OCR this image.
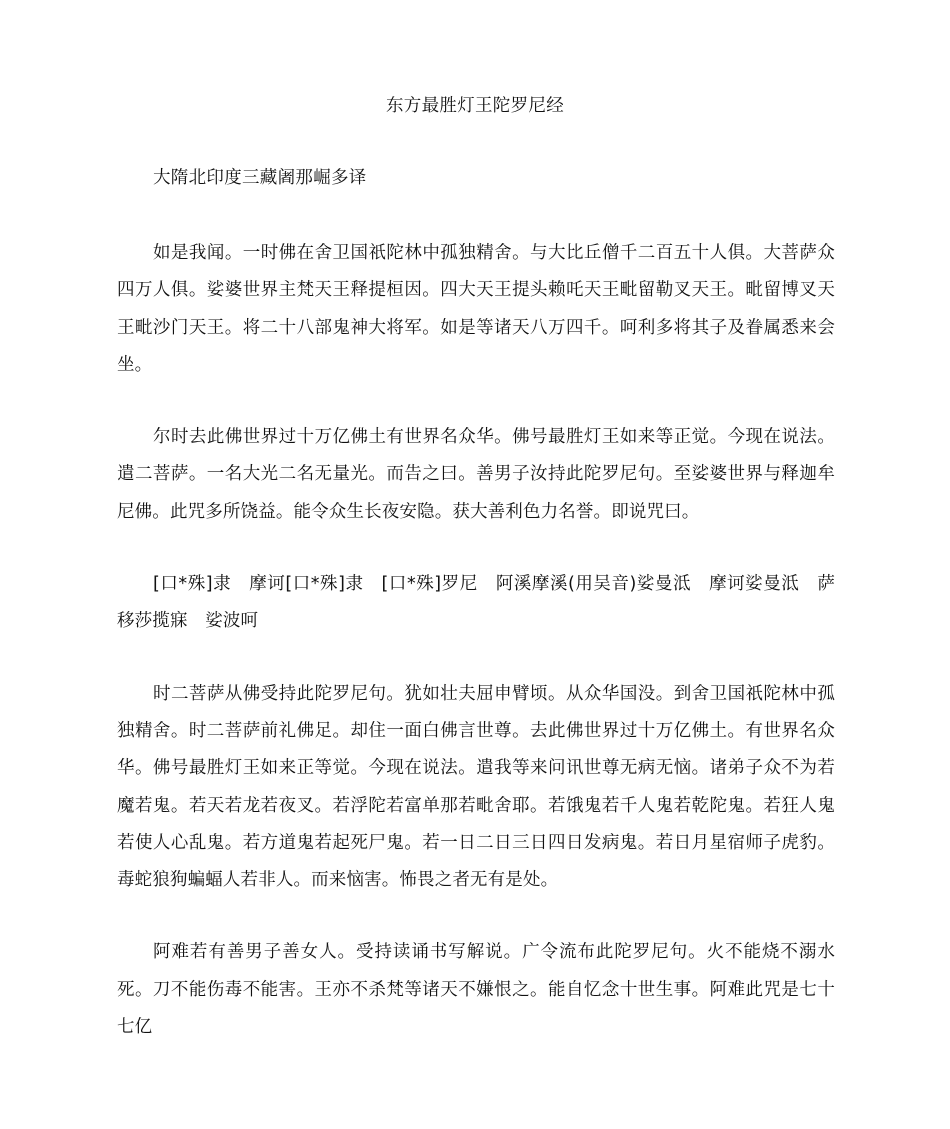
东方最胜灯王陀罗尼经
大隋北印度三藏阇那崛多译

如是我闻。一时佛在舍卫国祇陀林中孤独精舍。与大比丘僧千二百五十人俱。大菩萨众四万人俱。娑婆世界主梵天王释提桓因。四大天王提头赖吒天王毗留勒叉天王。毗留博叉天王毗沙门天王。将二十八部鬼神大将军。如是等诸天八万四千。呵利多将其子及眷属悉来会坐。

尔时去此佛世界过十万亿佛土有世界名众华。佛号最胜灯王如来等正觉。今现在说法。遣二菩萨。一名大光二名无量光。而告之曰。善男子汝持此陀罗尼句。至娑婆世界与释迦牟尼佛。此咒多所饶益。能令众生长夜安隐。获大善利色力名誉。即说咒曰。

[口*殊]隶　摩诃[口*殊]隶　[口*殊]罗尼　阿溪摩溪(用吴音)娑曼泜　摩诃娑曼泜　萨移莎揽寐　娑波呵

时二菩萨从佛受持此陀罗尼句。犹如壮夫屈申臂顷。从众华国没。到舍卫国祇陀林中孤独精舍。时二菩萨前礼佛足。却住一面白佛言世尊。去此佛世界过十万亿佛土。有世界名众华。佛号最胜灯王如来正等觉。今现在说法。遣我等来问讯世尊无病无恼。诸弟子众不为若魔若鬼。若天若龙若夜叉。若浮陀若富单那若毗舍耶。若饿鬼若千人鬼若乾陀鬼。若狂人鬼若使人心乱鬼。若方道鬼若起死尸鬼。若一日二日三日四日发病鬼。若日月星宿师子虎豹。毒蛇狼狗蝙蝠人若非人。而来恼害。怖畏之者无有是处。

阿难若有善男子善女人。受持读诵书写解说。广令流布此陀罗尼句。火不能烧不溺水死。刀不能伤毒不能害。王亦不杀梵等诸天不嫌恨之。能自忆念十世生事。阿难此咒是七十七亿
